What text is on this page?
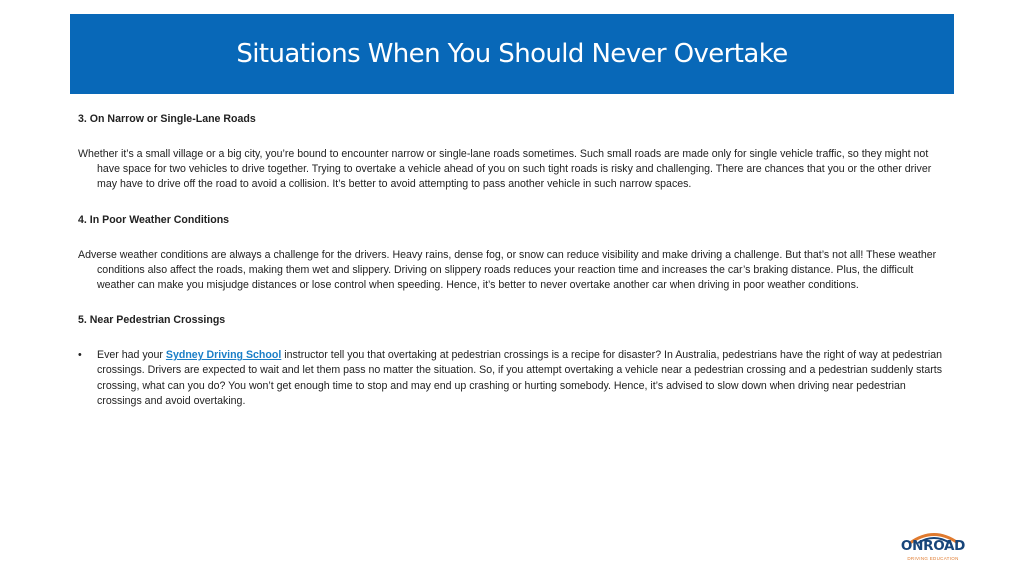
Situations When You Should Never Overtake

3. On Narrow or Single-Lane Roads

Whether it’s a small village or a big city, you’re bound to encounter narrow or single-lane roads sometimes. Such small roads are made only for single vehicle traffic, so they might not have space for two vehicles to drive together. Trying to overtake a vehicle ahead of you on such tight roads is risky and challenging. There are chances that you or the other driver may have to drive off the road to avoid a collision. It’s better to avoid attempting to pass another vehicle in such narrow spaces.

4. In Poor Weather Conditions

Adverse weather conditions are always a challenge for the drivers. Heavy rains, dense fog, or snow can reduce visibility and make driving a challenge. But that’s not all! These weather conditions also affect the roads, making them wet and slippery. Driving on slippery roads reduces your reaction time and increases the car’s braking distance. Plus, the difficult weather can make you misjudge distances or lose control when speeding. Hence, it’s better to never overtake another car when driving in poor weather conditions.

5. Near Pedestrian Crossings

•	Ever had your Sydney Driving School instructor tell you that overtaking at pedestrian crossings is a recipe for disaster? In Australia, pedestrians have the right of way at pedestrian crossings. Drivers are expected to wait and let them pass no matter the situation. So, if you attempt overtaking a vehicle near a pedestrian crossing and a pedestrian suddenly starts crossing, what can you do? You won’t get enough time to stop and may end up crashing or hurting somebody. Hence, it’s advised to slow down when driving near pedestrian crossings and avoid overtaking.
ONROAD
DRIVING EDUCATION
